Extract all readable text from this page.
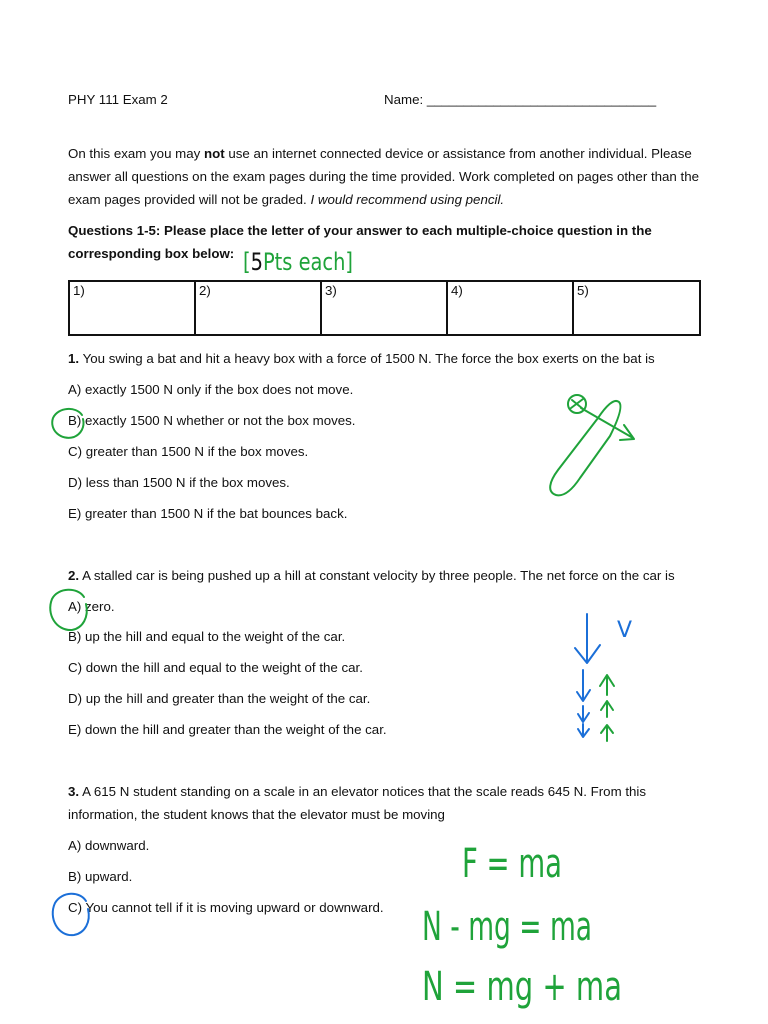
PHY 111 Exam 2	Name: _______________________________
On this exam you may not use an internet connected device or assistance from another individual. Please
answer all questions on the exam pages during the time provided. Work completed on pages other than the
exam pages provided will not be graded. I would recommend using pencil.
Questions 1-5: Please place the letter of your answer to each multiple-choice question in the
corresponding box below:
1)	2)	3)	4)	5)
1. You swing a bat and hit a heavy box with a force of 1500 N. The force the box exerts on the bat is
A) exactly 1500 N only if the box does not move.
B) exactly 1500 N whether or not the box moves.
C) greater than 1500 N if the box moves.
D) less than 1500 N if the box moves.
E) greater than 1500 N if the bat bounces back.
2. A stalled car is being pushed up a hill at constant velocity by three people. The net force on the car is
A) zero.
B) up the hill and equal to the weight of the car.
C) down the hill and equal to the weight of the car.
D) up the hill and greater than the weight of the car.
E) down the hill and greater than the weight of the car.
3. A 615 N student standing on a scale in an elevator notices that the scale reads 645 N. From this
information, the student knows that the elevator must be moving
A) downward.
B) upward.
C) You cannot tell if it is moving upward or downward.
[5Pts each]
V
F = ma
N - mg = ma
N = mg + ma
